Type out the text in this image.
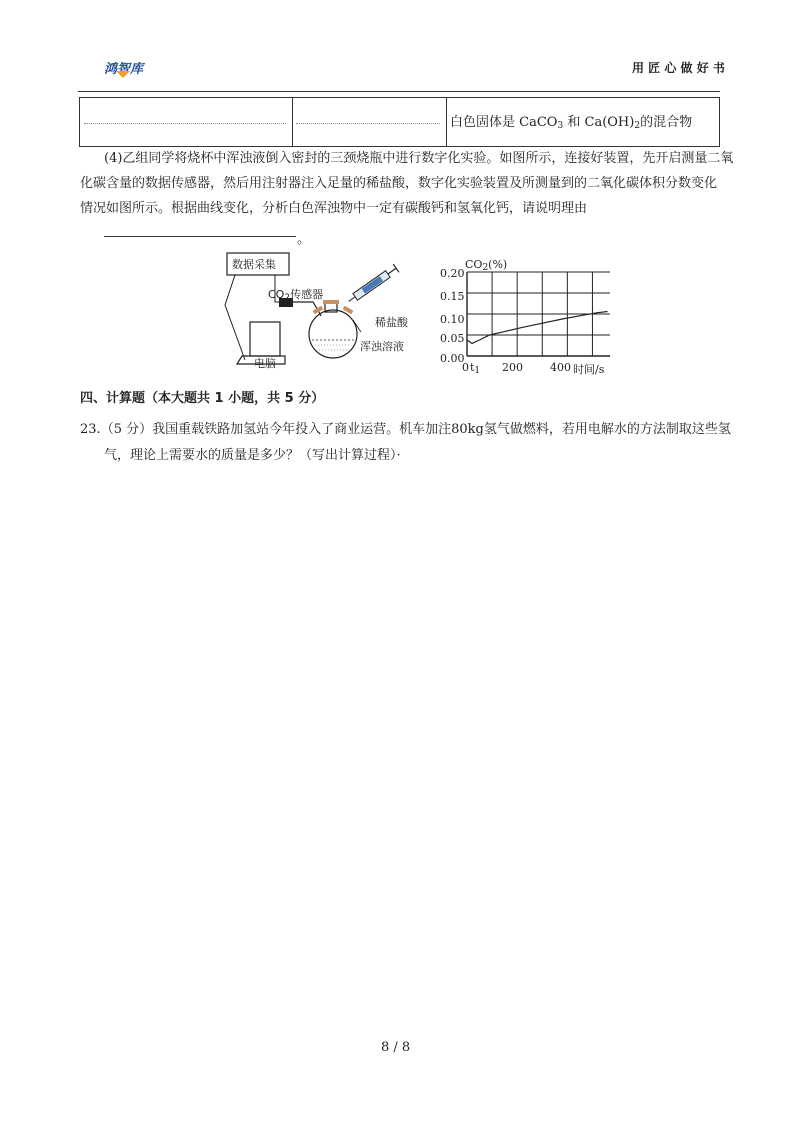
鸿智库	用 匠 心 做 好 书
白色固体是 CaCO$_3$ 和 $Ca(OH)_2$的混合物
(4)乙组同学将烧杯中浑浊液倒入密封的三颈烧瓶中进行数字化实验。如图所示，连接好装置，先开启测量二氧
化碳含量的数据传感器，然后用注射器注入足量的稀盐酸，数字化实验装置及所测量到的二氧化碳体积分数变化
情况如图所示。根据曲线变化，分析白色浑浊物中一定有碳酸钙和氢氧化钙，请说明理由
。
数据采集
$CO_2$传感器
稀盐酸
浑浊溶液
电脑
$CO_2(\%)$
0.20
0.15
0.10
0.05
0.00
0 $t_1$ 200 400 时间/s
四、计算题（本大题共 1 小题，共 5 分）
23.（5 分）我国重载铁路加氢站今年投入了商业运营。机车加注80kg氢气做燃料，若用电解水的方法制取这些氢
气，理论上需要水的质量是多少？（写出计算过程）·
8 / 8
